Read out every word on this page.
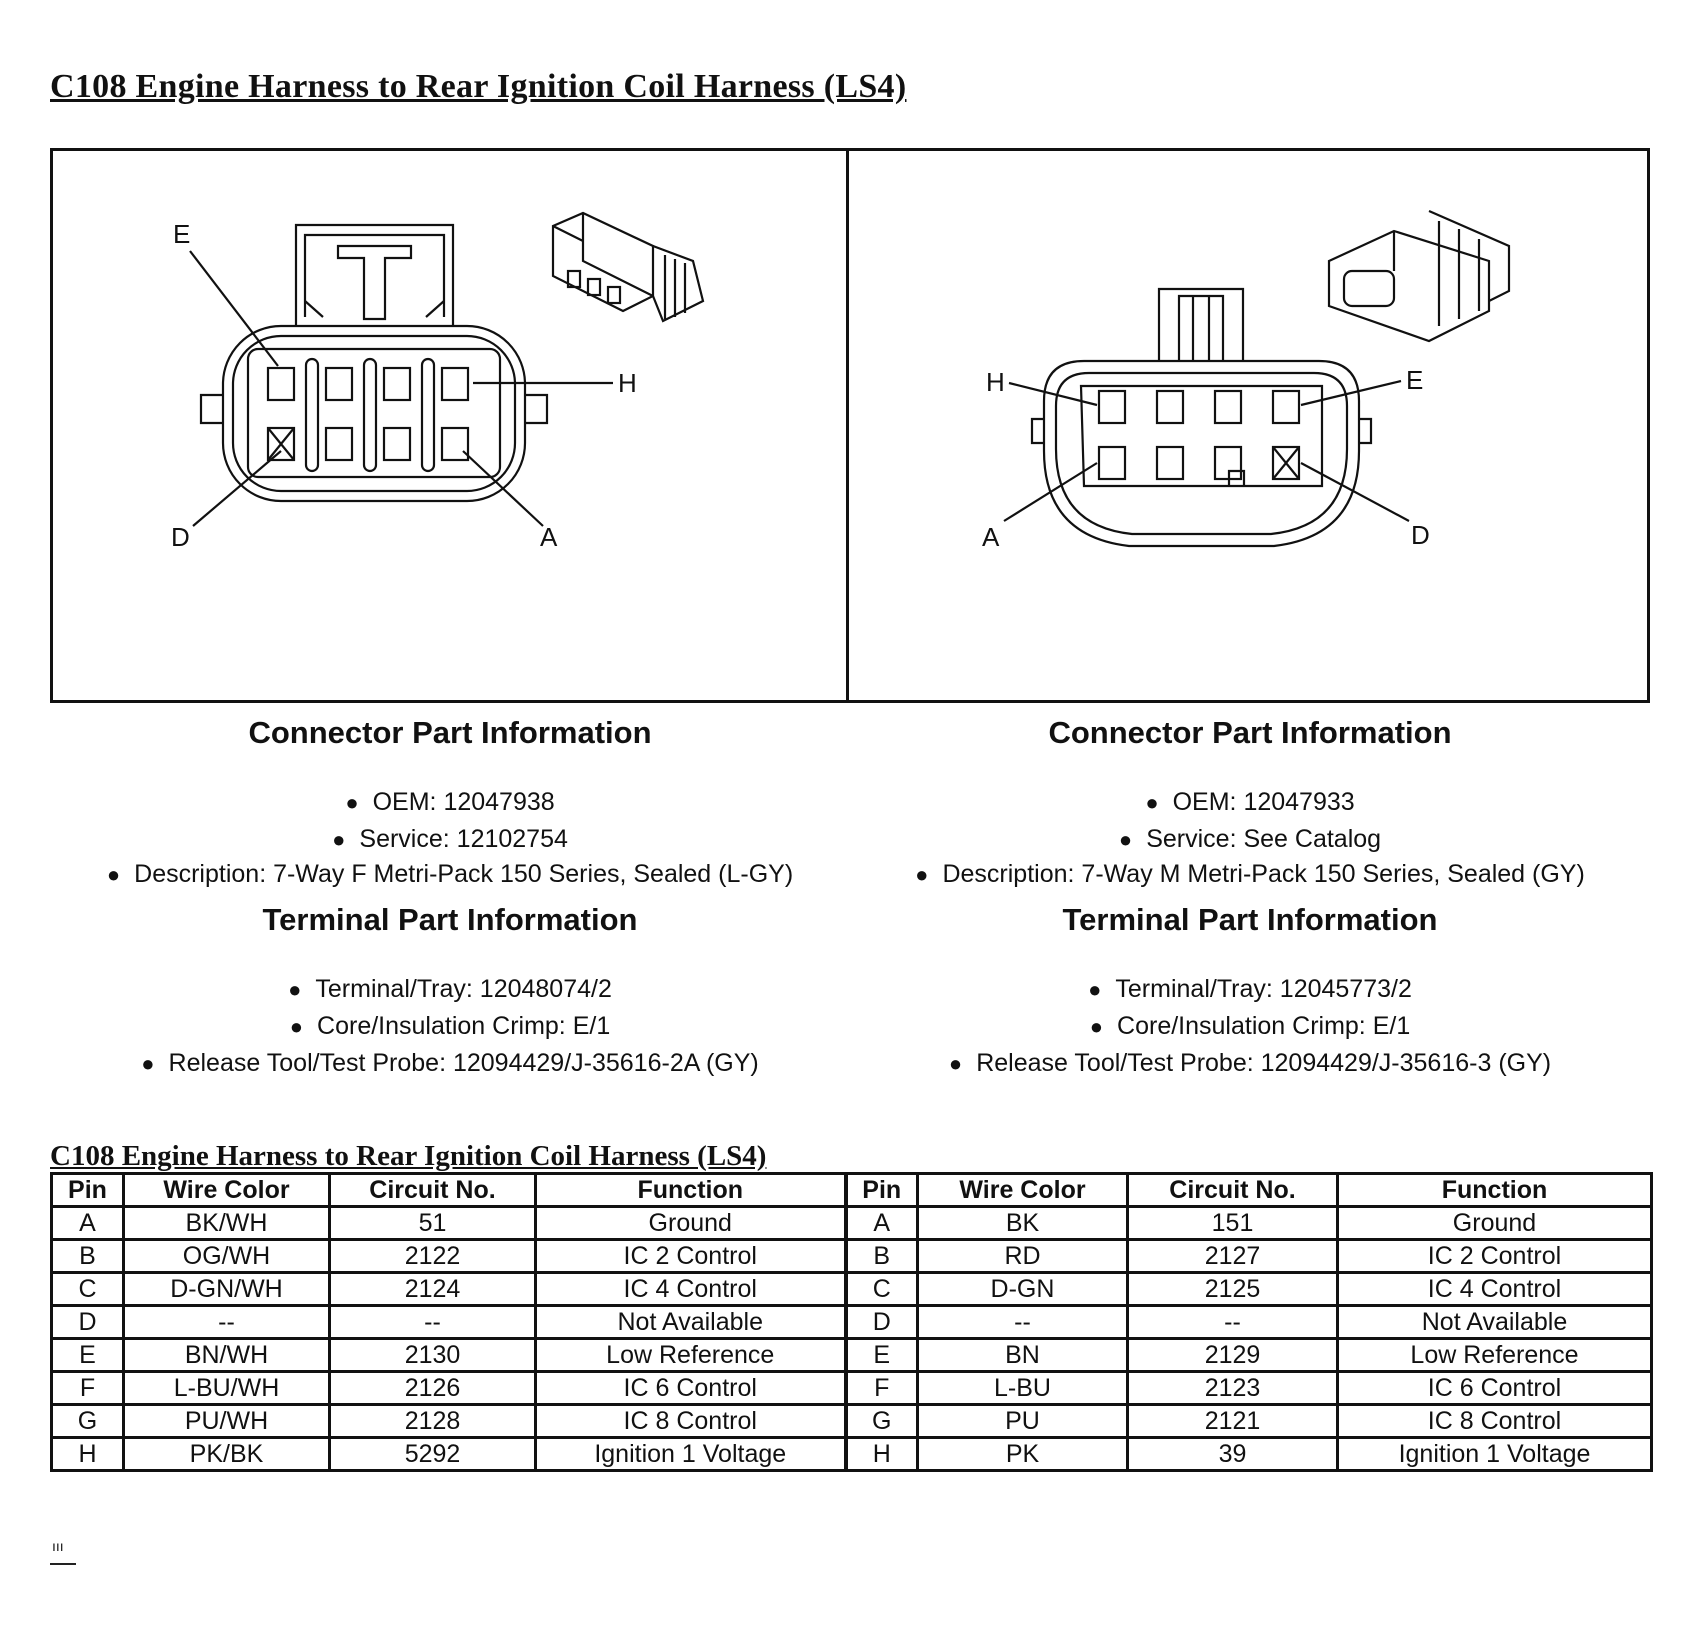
C108 Engine Harness to Rear Ignition Coil Harness (LS4)
E
H
D	A
H	E
A	D

Connector Part Information

● OEM: 12047938
● Service: 12102754
● Description: 7-Way F Metri-Pack 150 Series, Sealed (L-GY)

Terminal Part Information

● Terminal/Tray: 12048074/2
● Core/Insulation Crimp: E/1
● Release Tool/Test Probe: 12094429/J-35616-2A (GY)

Connector Part Information

● OEM: 12047933
● Service: See Catalog
● Description: 7-Way M Metri-Pack 150 Series, Sealed (GY)

Terminal Part Information

● Terminal/Tray: 12045773/2
● Core/Insulation Crimp: E/1
● Release Tool/Test Probe: 12094429/J-35616-3 (GY)
C108 Engine Harness to Rear Ignition Coil Harness (LS4)
Pin	Wire Color	Circuit No.	Function	Pin	Wire Color	Circuit No.	Function
A	BK/WH	51	Ground	A	BK	151	Ground
B	OG/WH	2122	IC 2 Control	B	RD	2127	IC 2 Control
C	D-GN/WH	2124	IC 4 Control	C	D-GN	2125	IC 4 Control
D	--	--	Not Available	D	--	--	Not Available
E	BN/WH	2130	Low Reference	E	BN	2129	Low Reference
F	L-BU/WH	2126	IC 6 Control	F	L-BU	2123	IC 6 Control
G	PU/WH	2128	IC 8 Control	G	PU	2121	IC 8 Control
H	PK/BK	5292	Ignition 1 Voltage	H	PK	39	Ignition 1 Voltage
ııı
